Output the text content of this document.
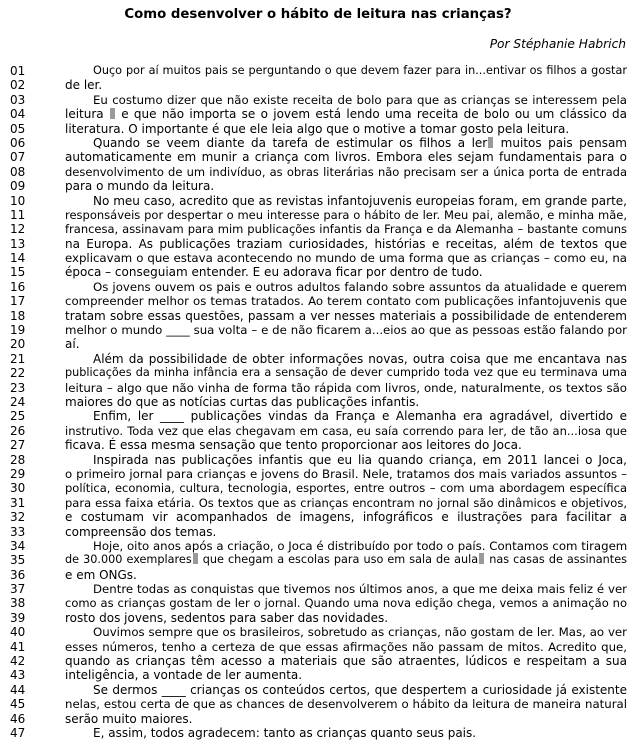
Como desenvolver o hábito de leitura nas crianças?
Por Stéphanie Habrich
01	Ouço por aí muitos pais se perguntando o que devem fazer para in...entivar os filhos a gostar
02	de ler.
03	Eu costumo dizer que não existe receita de bolo para que as crianças se interessem pela
04	leitura  e que não importa se o jovem está lendo uma receita de bolo ou um clássico da
05	literatura. O importante é que ele leia algo que o motive a tomar gosto pela leitura.
06	Quando se veem diante da tarefa de estimular os filhos a ler muitos pais pensam
07	automaticamente em munir a criança com livros. Embora eles sejam fundamentais para o
08	desenvolvimento de um indivíduo, as obras literárias não precisam ser a única porta de entrada
09	para o mundo da leitura.
10	No meu caso, acredito que as revistas infantojuvenis europeias foram, em grande parte,
11	responsáveis por despertar o meu interesse para o hábito de ler. Meu pai, alemão, e minha mãe,
12	francesa, assinavam para mim publicações infantis da França e da Alemanha – bastante comuns
13	na Europa. As publicações traziam curiosidades, histórias e receitas, além de textos que
14	explicavam o que estava acontecendo no mundo de uma forma que as crianças – como eu, na
15	época – conseguiam entender. E eu adorava ficar por dentro de tudo.
16	Os jovens ouvem os pais e outros adultos falando sobre assuntos da atualidade e querem
17	compreender melhor os temas tratados. Ao terem contato com publicações infantojuvenis que
18	tratam sobre essas questões, passam a ver nesses materiais a possibilidade de entenderem
19	melhor o mundo ____ sua volta – e de não ficarem a...eios ao que as pessoas estão falando por
20	aí.
21	Além da possibilidade de obter informações novas, outra coisa que me encantava nas
22	publicações da minha infância era a sensação de dever cumprido toda vez que eu terminava uma
23	leitura – algo que não vinha de forma tão rápida com livros, onde, naturalmente, os textos são
24	maiores do que as notícias curtas das publicações infantis.
25	Enfim, ler ____ publicações vindas da França e Alemanha era agradável, divertido e
26	instrutivo. Toda vez que elas chegavam em casa, eu saía correndo para ler, de tão an...iosa que
27	ficava. É essa mesma sensação que tento proporcionar aos leitores do Joca.
28	Inspirada nas publicações infantis que eu lia quando criança, em 2011 lancei o Joca,
29	o primeiro jornal para crianças e jovens do Brasil. Nele, tratamos dos mais variados assuntos –
30	política, economia, cultura, tecnologia, esportes, entre outros – com uma abordagem específica
31	para essa faixa etária. Os textos que as crianças encontram no jornal são dinâmicos e objetivos,
32	e costumam vir acompanhados de imagens, infográficos e ilustrações para facilitar a
33	compreensão dos temas.
34	Hoje, oito anos após a criação, o Joca é distribuído por todo o país. Contamos com tiragem
35	de 30.000 exemplares que chegam a escolas para uso em sala de aula nas casas de assinantes
36	e em ONGs.
37	Dentre todas as conquistas que tivemos nos últimos anos, a que me deixa mais feliz é ver
38	como as crianças gostam de ler o jornal. Quando uma nova edição chega, vemos a animação no
39	rosto dos jovens, sedentos para saber das novidades.
40	Ouvimos sempre que os brasileiros, sobretudo as crianças, não gostam de ler. Mas, ao ver
41	esses números, tenho a certeza de que essas afirmações não passam de mitos. Acredito que,
42	quando as crianças têm acesso a materiais que são atraentes, lúdicos e respeitam a sua
43	inteligência, a vontade de ler aumenta.
44	Se dermos ____ crianças os conteúdos certos, que despertem a curiosidade já existente
45	nelas, estou certa de que as chances de desenvolverem o hábito da leitura de maneira natural
46	serão muito maiores.
47	E, assim, todos agradecem: tanto as crianças quanto seus pais.
